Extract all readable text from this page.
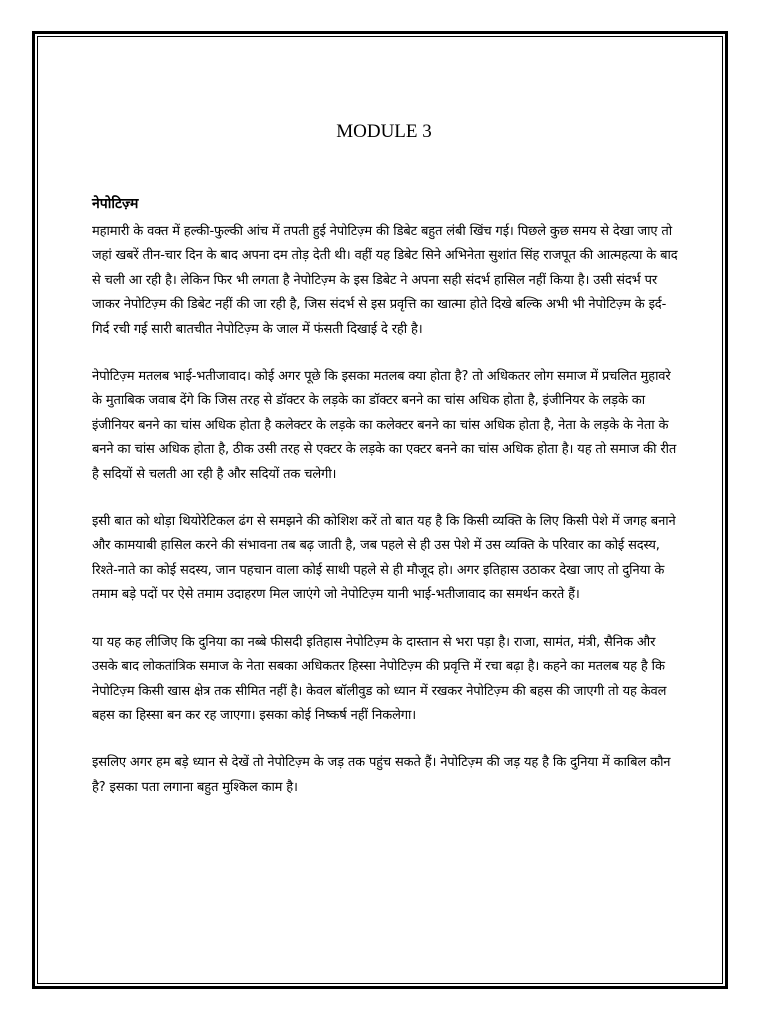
MODULE 3
नेपोटिज़्म

महामारी के वक्त में हल्की-फुल्की आंच में तपती हुई नेपोटिज़्म की डिबेट बहुत लंबी खिंच गई। पिछले कुछ समय से देखा जाए तो जहां खबरें तीन-चार दिन के बाद अपना दम तोड़ देती थी। वहीं यह डिबेट सिने अभिनेता सुशांत सिंह राजपूत की आत्महत्या के बाद से चली आ रही है। लेकिन फिर भी लगता है नेपोटिज़्म के इस डिबेट ने अपना सही संदर्भ हासिल नहीं किया है। उसी संदर्भ पर जाकर नेपोटिज़्म की डिबेट नहीं की जा रही है, जिस संदर्भ से इस प्रवृत्ति का खात्मा होते दिखे बल्कि अभी भी नेपोटिज़्म के इर्द-गिर्द रची गई सारी बातचीत नेपोटिज़्म के जाल में फंसती दिखाई दे रही है।

नेपोटिज़्म मतलब भाई-भतीजावाद। कोई अगर पूछे कि इसका मतलब क्या होता है? तो अधिकतर लोग समाज में प्रचलित मुहावरे के मुताबिक जवाब देंगे कि जिस तरह से डॉक्टर के लड़के का डॉक्टर बनने का चांस अधिक होता है, इंजीनियर के लड़के का इंजीनियर बनने का चांस अधिक होता है कलेक्टर के लड़के का कलेक्टर बनने का चांस अधिक होता है, नेता के लड़के के नेता के बनने का चांस अधिक होता है, ठीक उसी तरह से एक्टर के लड़के का एक्टर बनने का चांस अधिक होता है। यह तो समाज की रीत है सदियों से चलती आ रही है और सदियों तक चलेगी।

इसी बात को थोड़ा थियोरेटिकल ढंग से समझने की कोशिश करें तो बात यह है कि किसी व्यक्ति के लिए किसी पेशे में जगह बनाने और कामयाबी हासिल करने की संभावना तब बढ़ जाती है, जब पहले से ही उस पेशे में उस व्यक्ति के परिवार का कोई सदस्य, रिश्ते-नाते का कोई सदस्य, जान पहचान वाला कोई साथी पहले से ही मौजूद हो। अगर इतिहास उठाकर देखा जाए तो दुनिया के तमाम बड़े पदों पर ऐसे तमाम उदाहरण मिल जाएंगे जो नेपोटिज़्म यानी भाई-भतीजावाद का समर्थन करते हैं।

या यह कह लीजिए कि दुनिया का नब्बे फीसदी इतिहास नेपोटिज़्म के दास्तान से भरा पड़ा है। राजा, सामंत, मंत्री, सैनिक और उसके बाद लोकतांत्रिक समाज के नेता सबका अधिकतर हिस्सा नेपोटिज़्म की प्रवृत्ति में रचा बढ़ा है। कहने का मतलब यह है कि नेपोटिज़्म किसी खास क्षेत्र तक सीमित नहीं है। केवल बॉलीवुड को ध्यान में रखकर नेपोटिज़्म की बहस की जाएगी तो यह केवल बहस का हिस्सा बन कर रह जाएगा। इसका कोई निष्कर्ष नहीं निकलेगा।

इसलिए अगर हम बड़े ध्यान से देखें तो नेपोटिज़्म के जड़ तक पहुंच सकते हैं। नेपोटिज़्म की जड़ यह है कि दुनिया में काबिल कौन है? इसका पता लगाना बहुत मुश्किल काम है।
